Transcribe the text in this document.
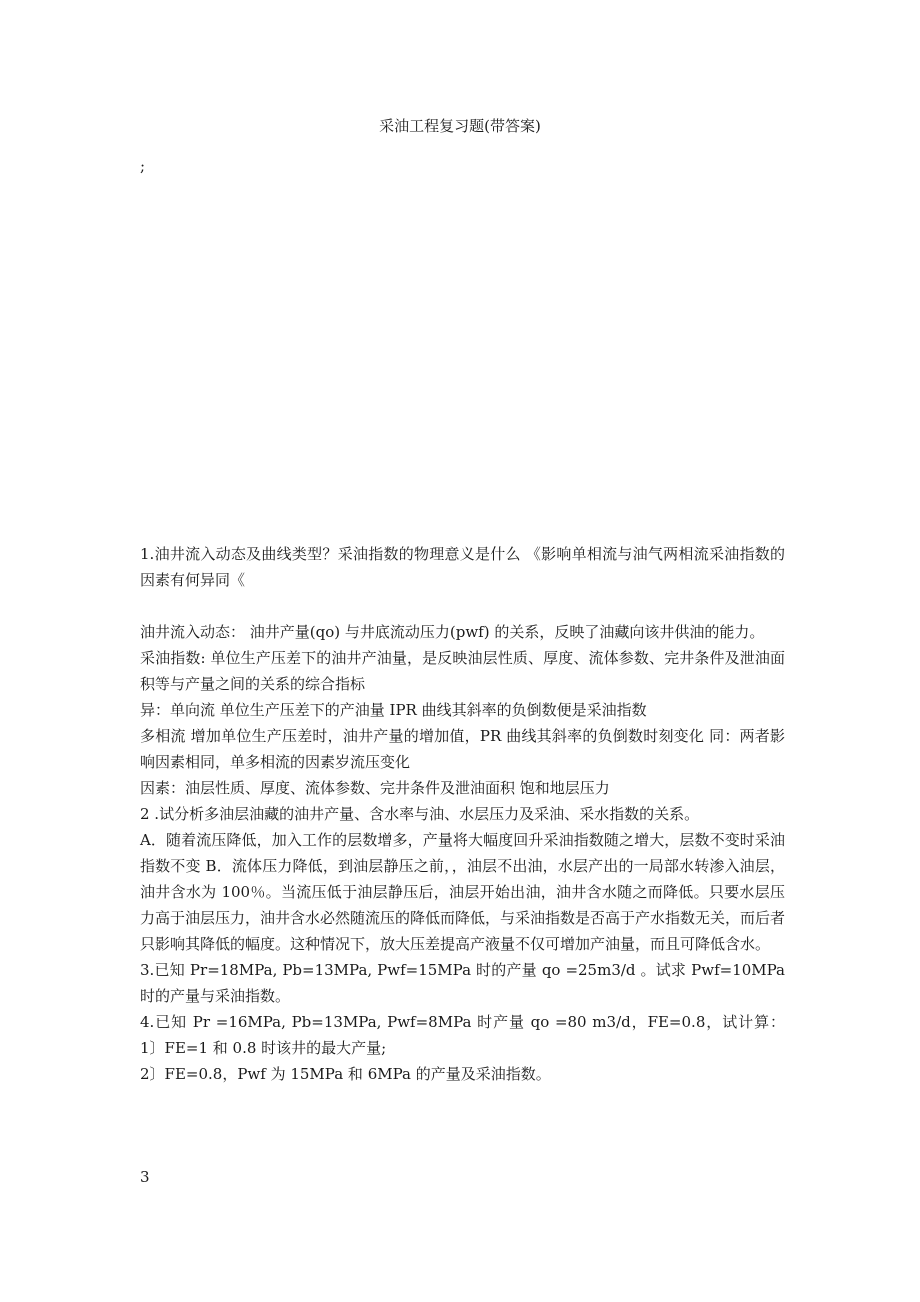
采油工程复习题(带答案)
;

1.油井流入动态及曲线类型？采油指数的物理意义是什么 《影响单相流与油气两相流采油指数的因素有何异同《

油井流入动态： 油井产量(qo) 与井底流动压力(pwf) 的关系，反映了油藏向该井供油的能力。

采油指数: 单位生产压差下的油井产油量，是反映油层性质、厚度、流体参数、完井条件及泄油面积等与产量之间的关系的综合指标

异：单向流 单位生产压差下的产油量 IPR 曲线其斜率的负倒数便是采油指数

多相流 增加单位生产压差时，油井产量的增加值，PR 曲线其斜率的负倒数时刻变化 同：两者影响因素相同，单多相流的因素岁流压变化

因素：油层性质、厚度、流体参数、完井条件及泄油面积 饱和地层压力

2 .试分析多油层油藏的油井产量、含水率与油、水层压力及采油、采水指数的关系。

A．随着流压降低，加入工作的层数增多，产量将大幅度回升采油指数随之增大，层数不变时采油指数不变 B．流体压力降低，到油层静压之前，，油层不出油，水层产出的一局部水转渗入油层，油井含水为 100％。当流压低于油层静压后，油层开始出油，油井含水随之而降低。只要水层压力高于油层压力，油井含水必然随流压的降低而降低，与采油指数是否高于产水指数无关，而后者只影响其降低的幅度。这种情况下，放大压差提高产液量不仅可增加产油量，而且可降低含水。

3.已知 Pr=18MPa, Pb=13MPa, Pwf=15MPa 时的产量 qo =25m3/d 。试求 Pwf=10MPa 时的产量与采油指数。

4.已知 Pr =16MPa, Pb=13MPa, Pwf=8MPa 时产量 qo =80 m3/d，FE=0.8，试计算： 1〕FE=1 和 0.8 时该井的最大产量;

2〕FE=0.8，Pwf 为 15MPa 和 6MPa 的产量及采油指数。

3
